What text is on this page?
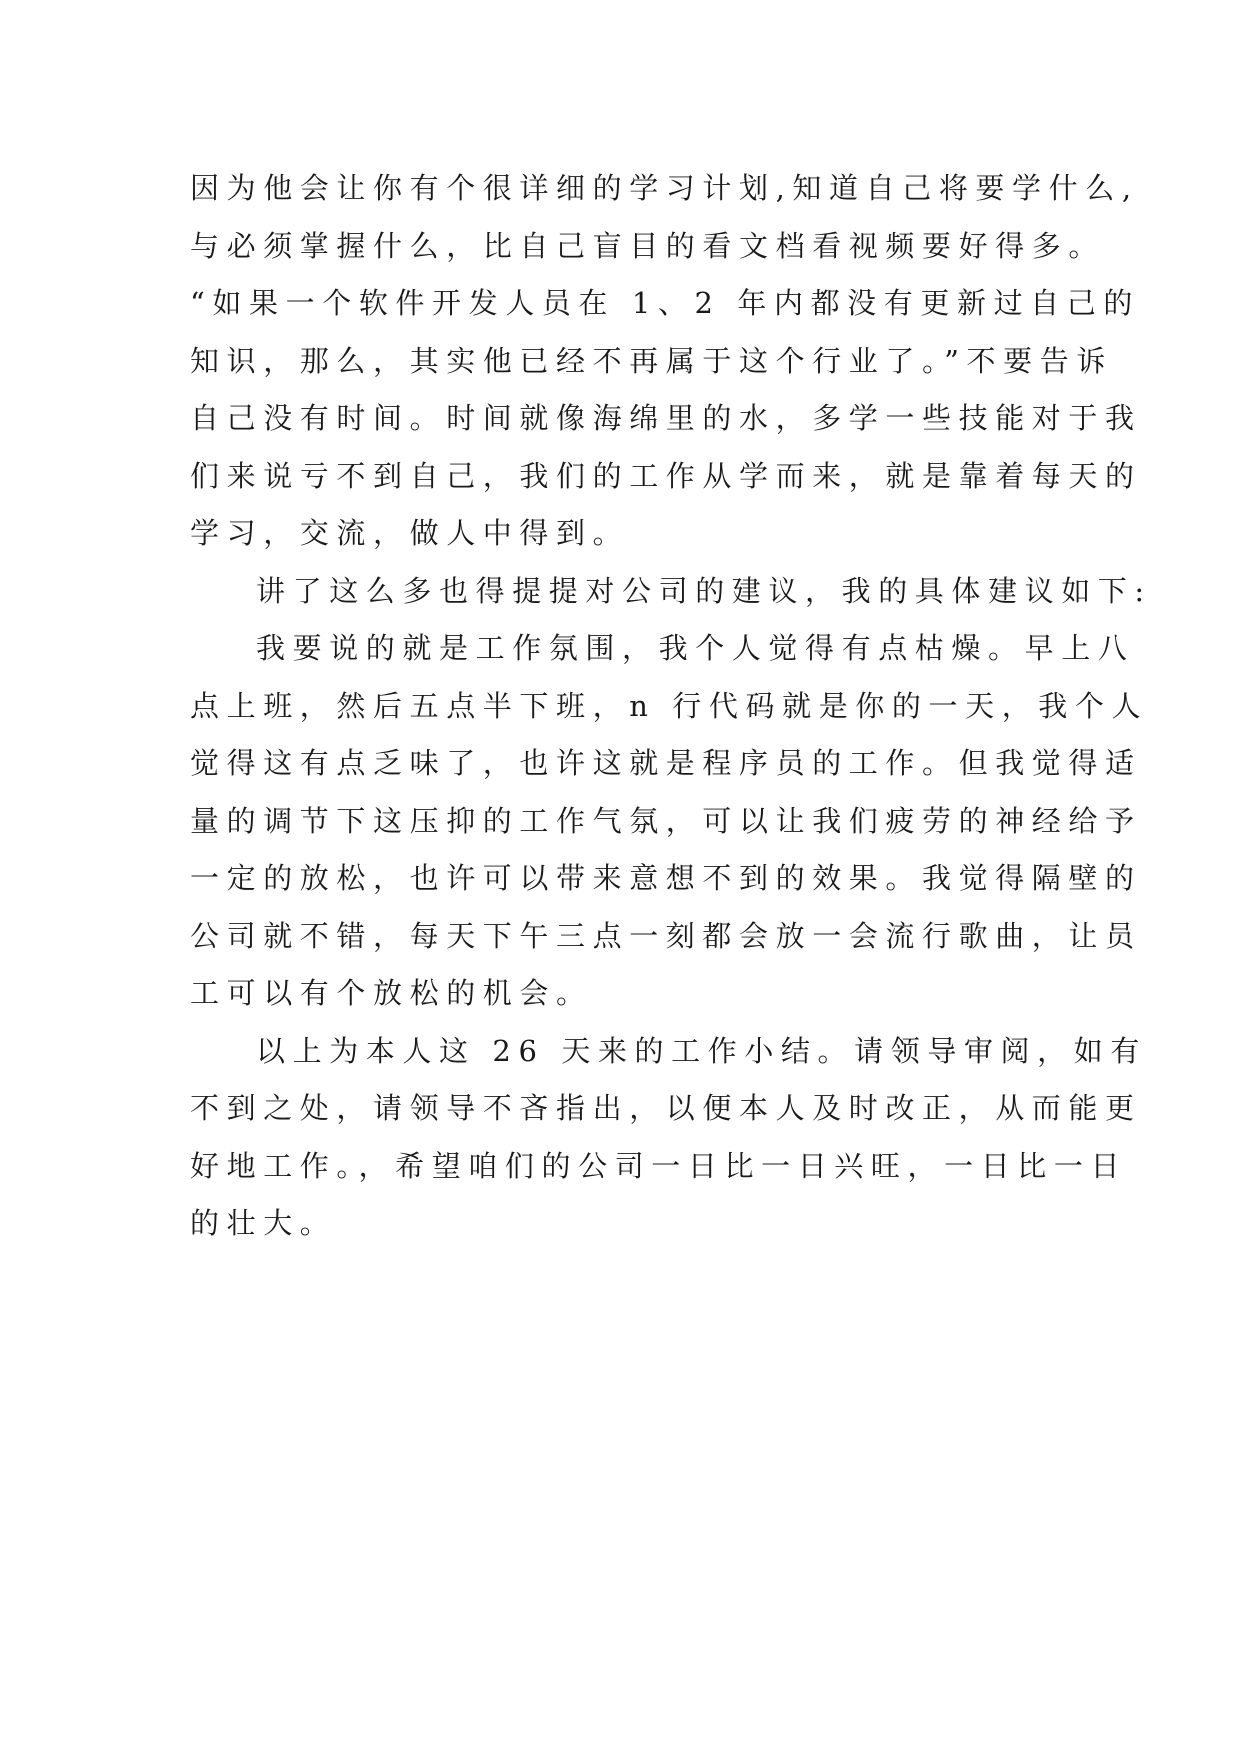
因为他会让你有个很详细的学习计划,知道自己将要学什么,
与必须掌握什么，比自己盲目的看文档看视频要好得多。
“如果一个软件开发人员在 1、2 年内都没有更新过自己的
知识，那么，其实他已经不再属于这个行业了。”不要告诉
自己没有时间。时间就像海绵里的水，多学一些技能对于我
们来说亏不到自己，我们的工作从学而来，就是靠着每天的
学习，交流，做人中得到。
讲了这么多也得提提对公司的建议，我的具体建议如下:
我要说的就是工作氛围，我个人觉得有点枯燥。早上八
点上班，然后五点半下班，n 行代码就是你的一天，我个人
觉得这有点乏味了，也许这就是程序员的工作。但我觉得适
量的调节下这压抑的工作气氛，可以让我们疲劳的神经给予
一定的放松，也许可以带来意想不到的效果。我觉得隔壁的
公司就不错，每天下午三点一刻都会放一会流行歌曲，让员
工可以有个放松的机会。
以上为本人这 26 天来的工作小结。请领导审阅，如有
不到之处，请领导不吝指出，以便本人及时改正，从而能更
好地工作。，希望咱们的公司一日比一日兴旺，一日比一日
的壮大。
